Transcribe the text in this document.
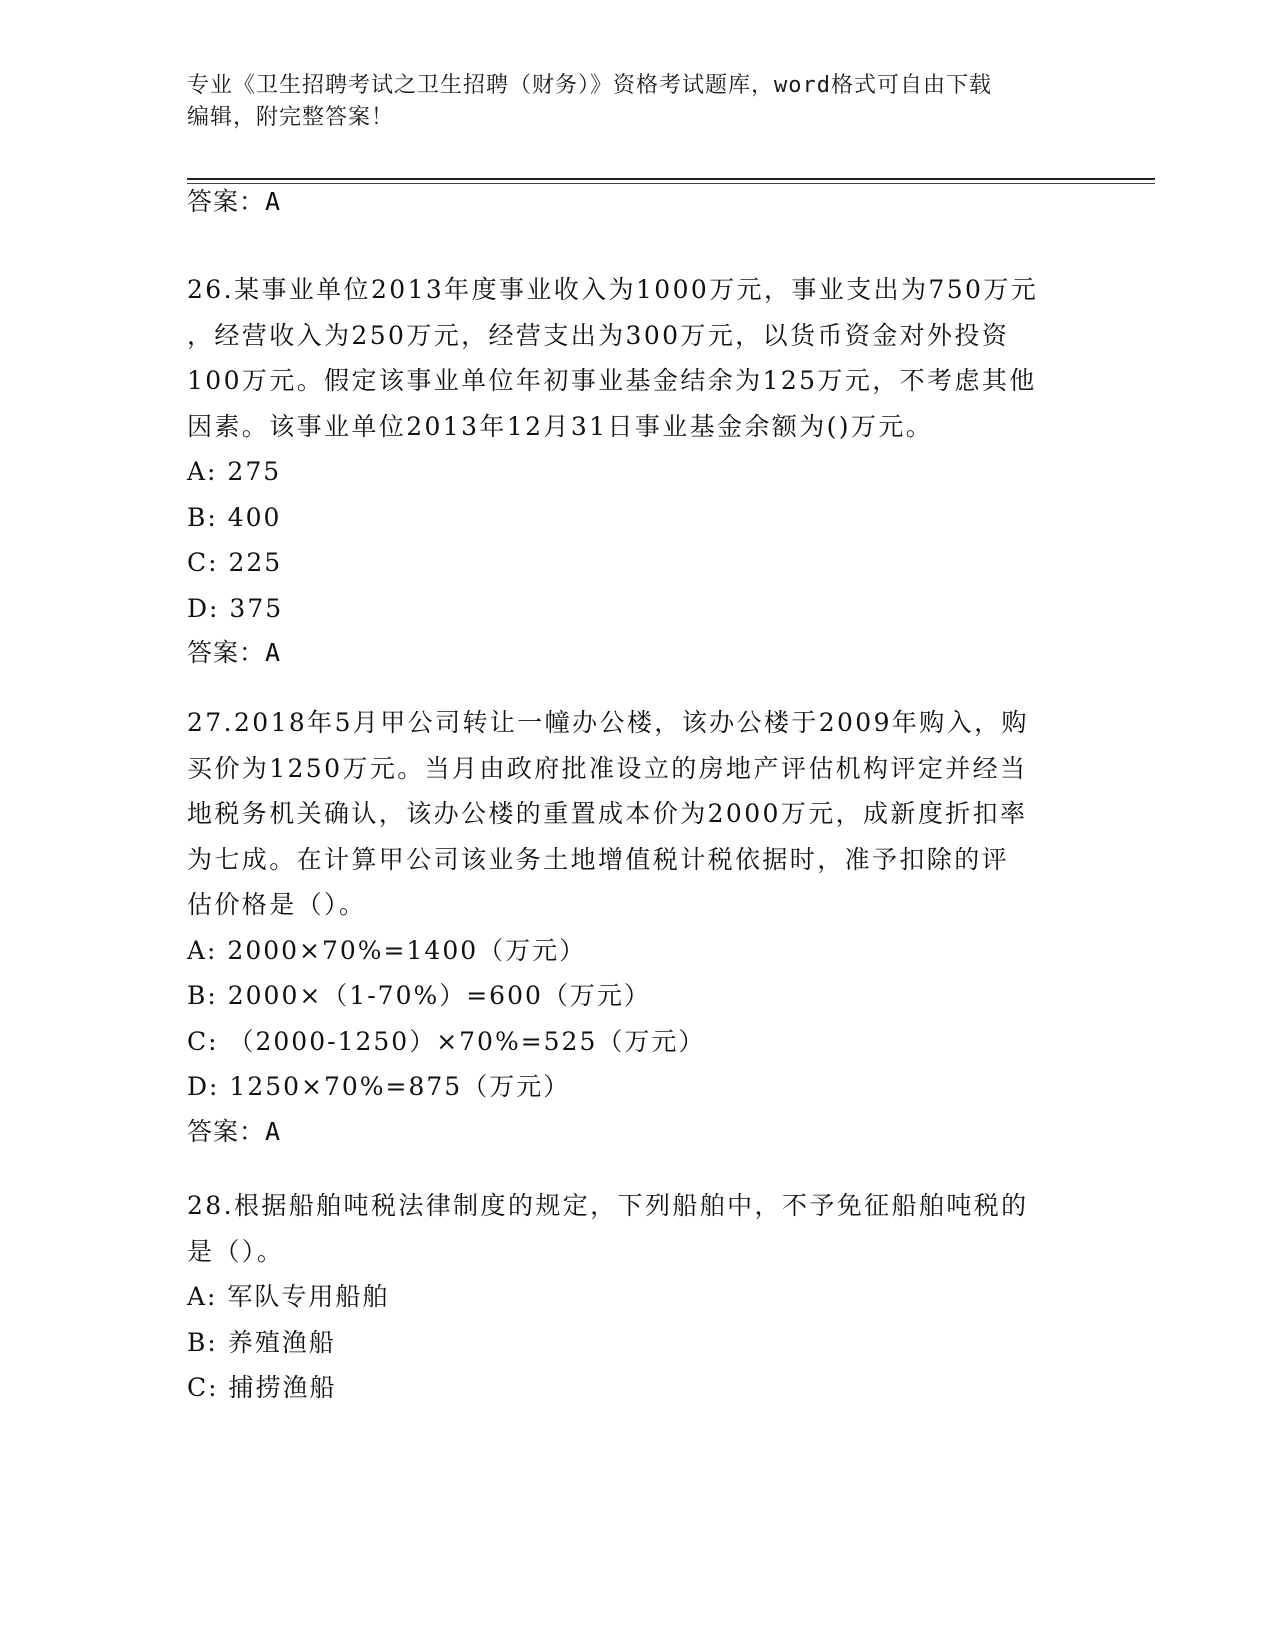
专业《卫生招聘考试之卫生招聘（财务）》资格考试题库，word格式可自由下载
编辑，附完整答案！
答案：A
26.某事业单位2013年度事业收入为1000万元，事业支出为750万元
，经营收入为250万元，经营支出为300万元，以货币资金对外投资
100万元。假定该事业单位年初事业基金结余为125万元，不考虑其他
因素。该事业单位2013年12月31日事业基金余额为()万元。
A: 275
B: 400
C: 225
D: 375
答案：A
27.2018年5月甲公司转让一幢办公楼，该办公楼于2009年购入，购
买价为1250万元。当月由政府批准设立的房地产评估机构评定并经当
地税务机关确认，该办公楼的重置成本价为2000万元，成新度折扣率
为七成。在计算甲公司该业务土地增值税计税依据时，准予扣除的评
估价格是（）。
A: 2000×70%=1400（万元）
B: 2000×（1-70%）=600（万元）
C: （2000-1250）×70%=525（万元）
D: 1250×70%=875（万元）
答案：A
28.根据船舶吨税法律制度的规定，下列船舶中，不予免征船舶吨税的
是（）。
A: 军队专用船舶
B: 养殖渔船
C: 捕捞渔船
